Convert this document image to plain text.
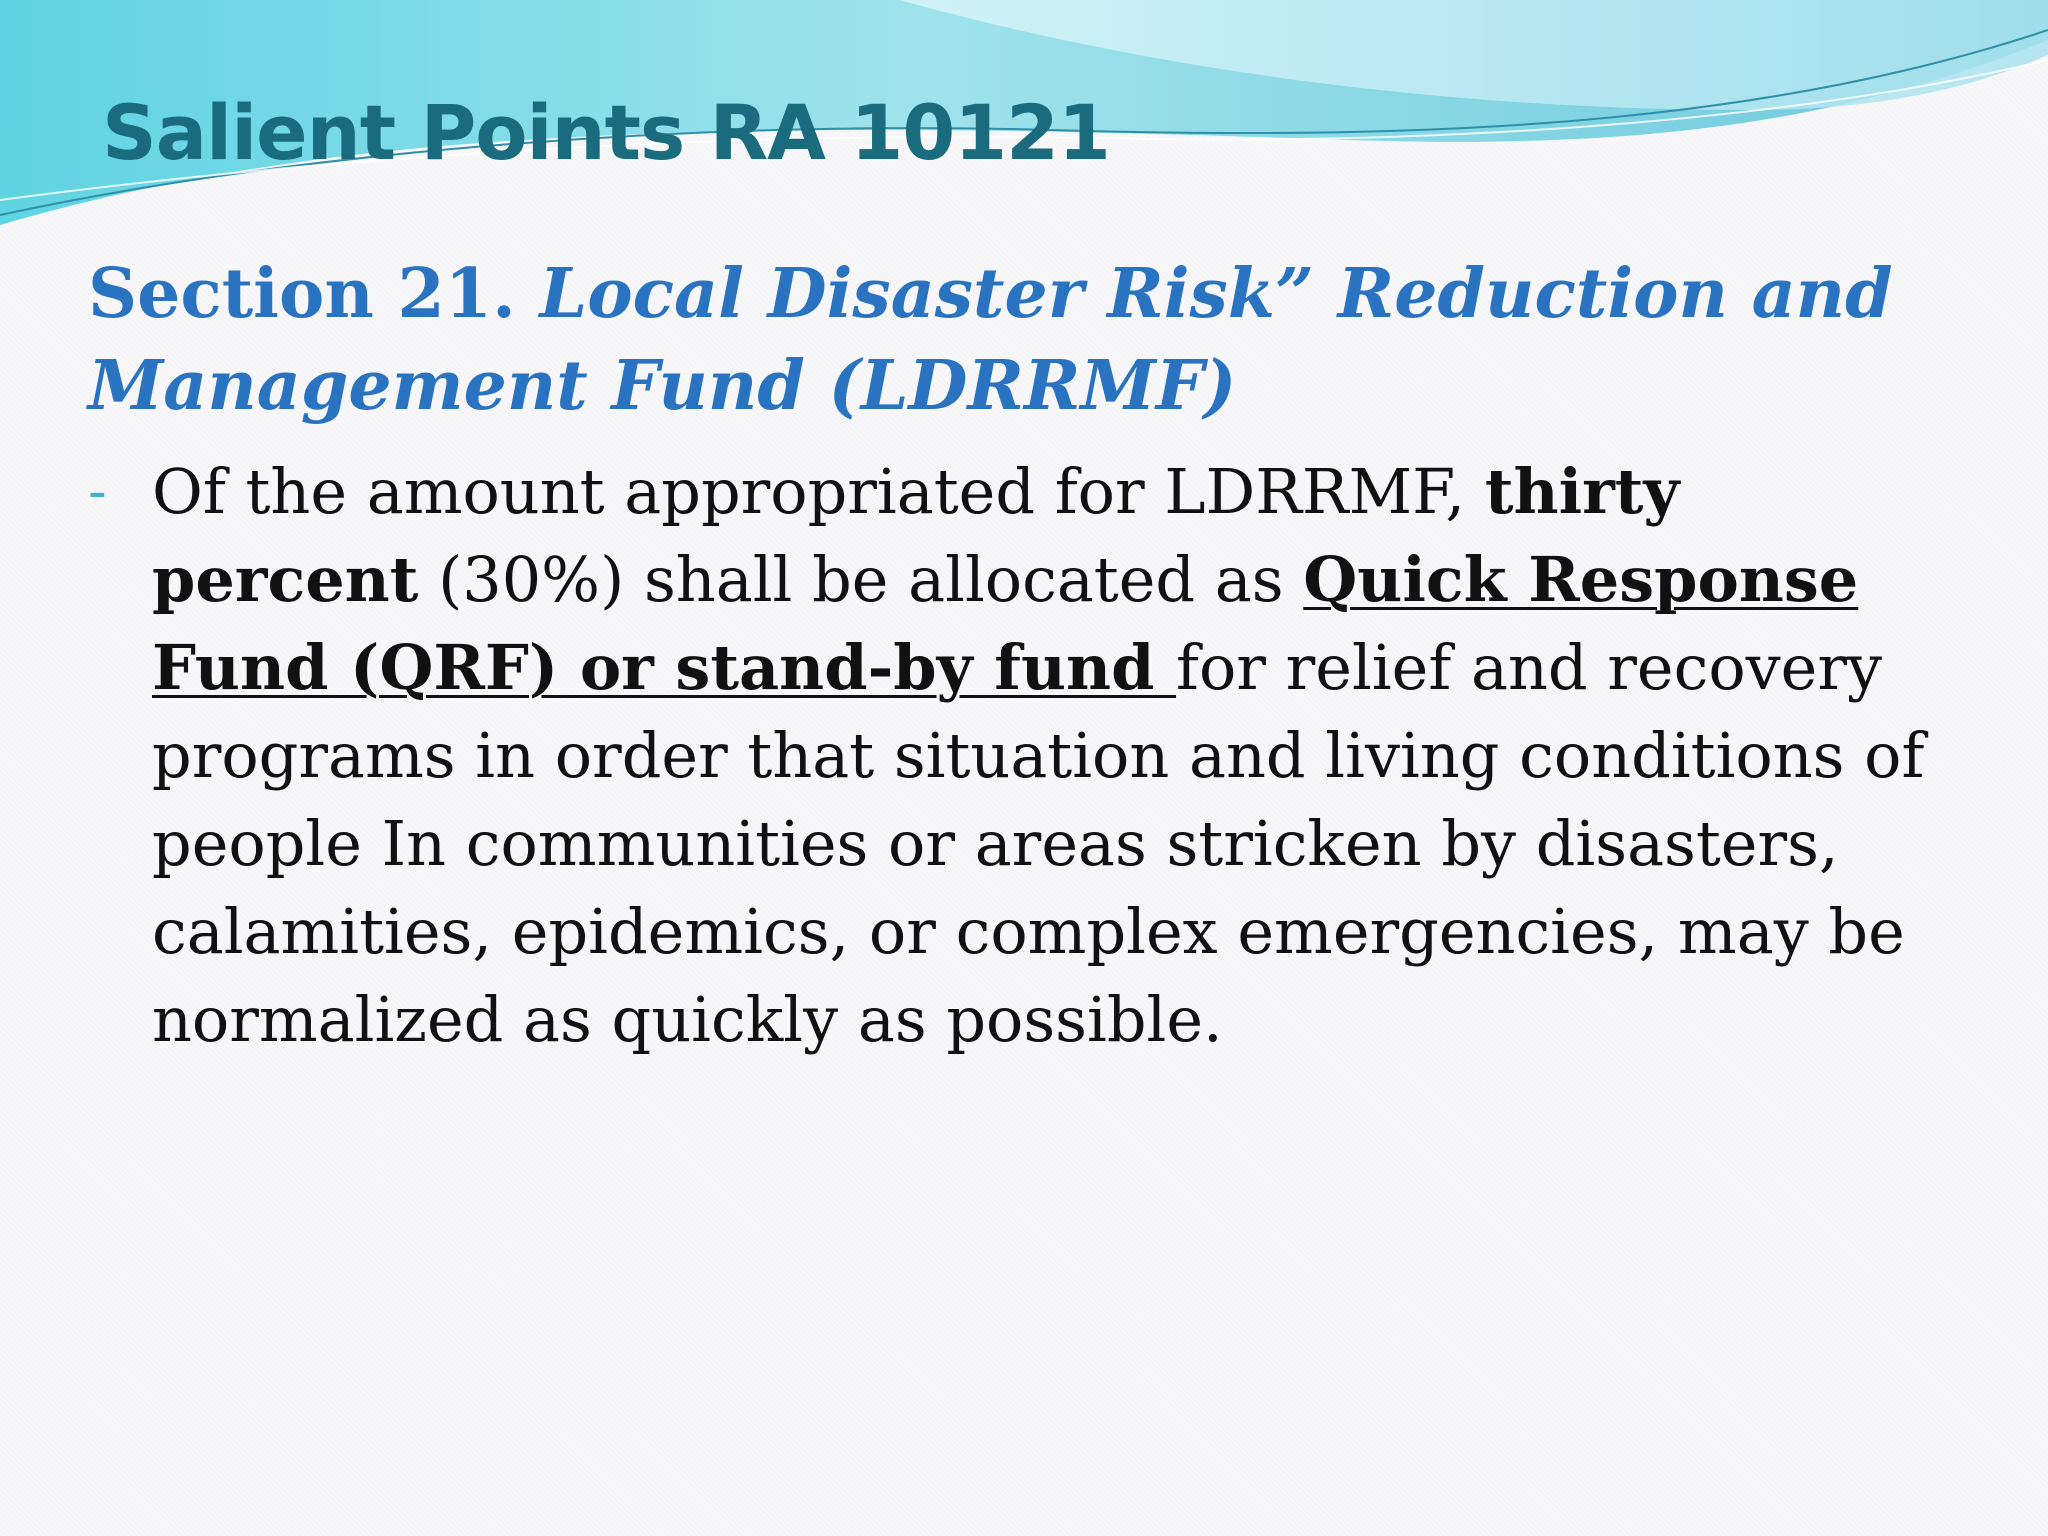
Salient Points RA 10121
Section 21. Local Disaster Risk” Reduction and Management Fund (LDRRMF)
- Of the amount appropriated for LDRRMF, thirty percent (30%) shall be allocated as Quick Response Fund (QRF) or stand-by fund for relief and recovery programs in order that situation and living conditions of people In communities or areas stricken by disasters, calamities, epidemics, or complex emergencies, may be normalized as quickly as possible.
